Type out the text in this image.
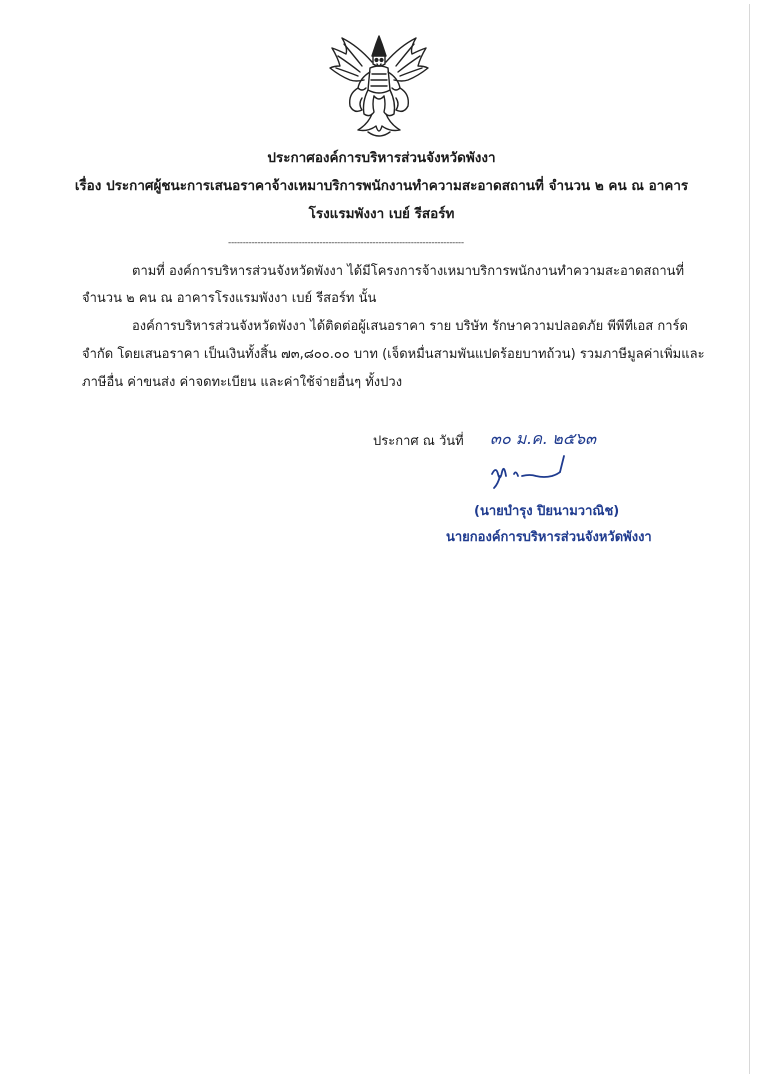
ประกาศองค์การบริหารส่วนจังหวัดพังงา
เรื่อง ประกาศผู้ชนะการเสนอราคาจ้างเหมาบริการพนักงานทำความสะอาดสถานที่ จำนวน ๒ คน ณ อาคาร
โรงแรมพังงา เบย์ รีสอร์ท
--------------------------------------------------------------------------------
ตามที่ องค์การบริหารส่วนจังหวัดพังงา ได้มีโครงการจ้างเหมาบริการพนักงานทำความสะอาดสถานที่
จำนวน ๒ คน ณ อาคารโรงแรมพังงา เบย์ รีสอร์ท นั้น
องค์การบริหารส่วนจังหวัดพังงา ได้ติดต่อผู้เสนอราคา ราย บริษัท รักษาความปลอดภัย พีพีทีเอส การ์ด
จำกัด โดยเสนอราคา เป็นเงินทั้งสิ้น ๗๓,๘๐๐.๐๐ บาท (เจ็ดหมื่นสามพันแปดร้อยบาทถ้วน) รวมภาษีมูลค่าเพิ่มและ
ภาษีอื่น ค่าขนส่ง ค่าจดทะเบียน และค่าใช้จ่ายอื่นๆ ทั้งปวง
ประกาศ ณ วันที่ ๓๐ ม.ค. ๒๕๖๓
(นายบำรุง ปิยนามวาณิช)
นายกองค์การบริหารส่วนจังหวัดพังงา
